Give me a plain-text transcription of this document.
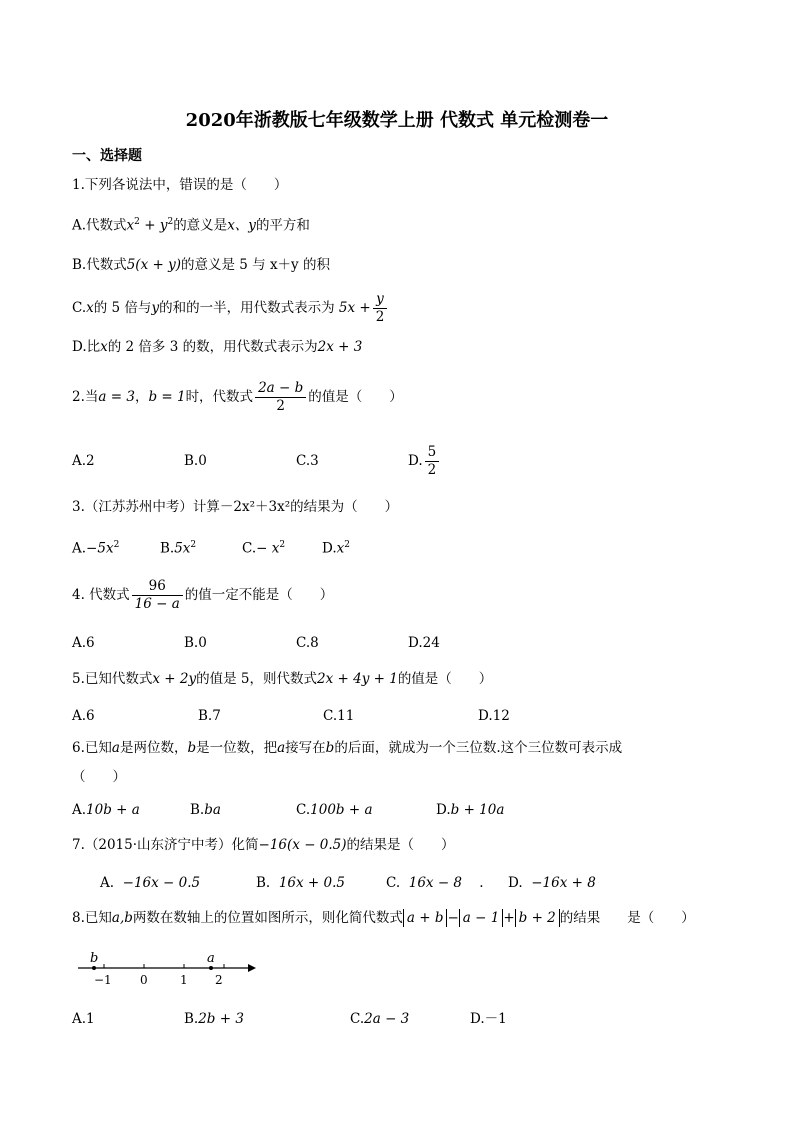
2020年浙教版七年级数学上册 代数式 单元检测卷一
一、选择题
1.下列各说法中，错误的是（　　）
A.代数式$x^2 + y^2$的意义是x、y的平方和
B.代数式5(x + y)的意义是 5 与 x＋y 的积
C. x 的 5 倍与 y 的和的一半，用代数式表示为
$5x + \frac{y}{2}$
D.比x的 2 倍多 3 的数，用代数式表示为2x + 3
2.当 a = 3 ， b = 1 时，代数式 $\frac{2a - b}{2}$ 的值是（　　）
A.2	B.0	C.3	D. $\frac{5}{2}$
3.（江苏苏州中考）计算－2x²＋3x²的结果为（　　）
$A.-5x^2$	$B.5x^2$	$C.- x^2$	$D.x^2$
4. 代数式 $\frac{96}{16 - a}$ 的值一定不能是（　　）
A.6	B.0	C.8	D.24
5.已知代数式x + 2y的值是 5，则代数式2x + 4y + 1的值是（　　）
A.6	B.7	C.11	D.12
6.已知a是两位数，b是一位数，把a接写在b的后面，就成为一个三位数.这个三位数可表示成
（　　）
A.10b + a	B.ba	C.100b + a	D.b + 10a
7.（2015·山东济宁中考）化简−16(x − 0.5)的结果是（　　）
A. −16x − 0.5	B. 16x + 0.5	C. 16x − 8 . D. −16x + 8
8.已知a,b两数在数轴上的位置如图所示，则化简代数式 a + b − a − 1 + b + 2 的结果　　是（　　）
b	a
−1 0	1 2
A.1	B.2b + 3	C.2a − 3	D.－1
